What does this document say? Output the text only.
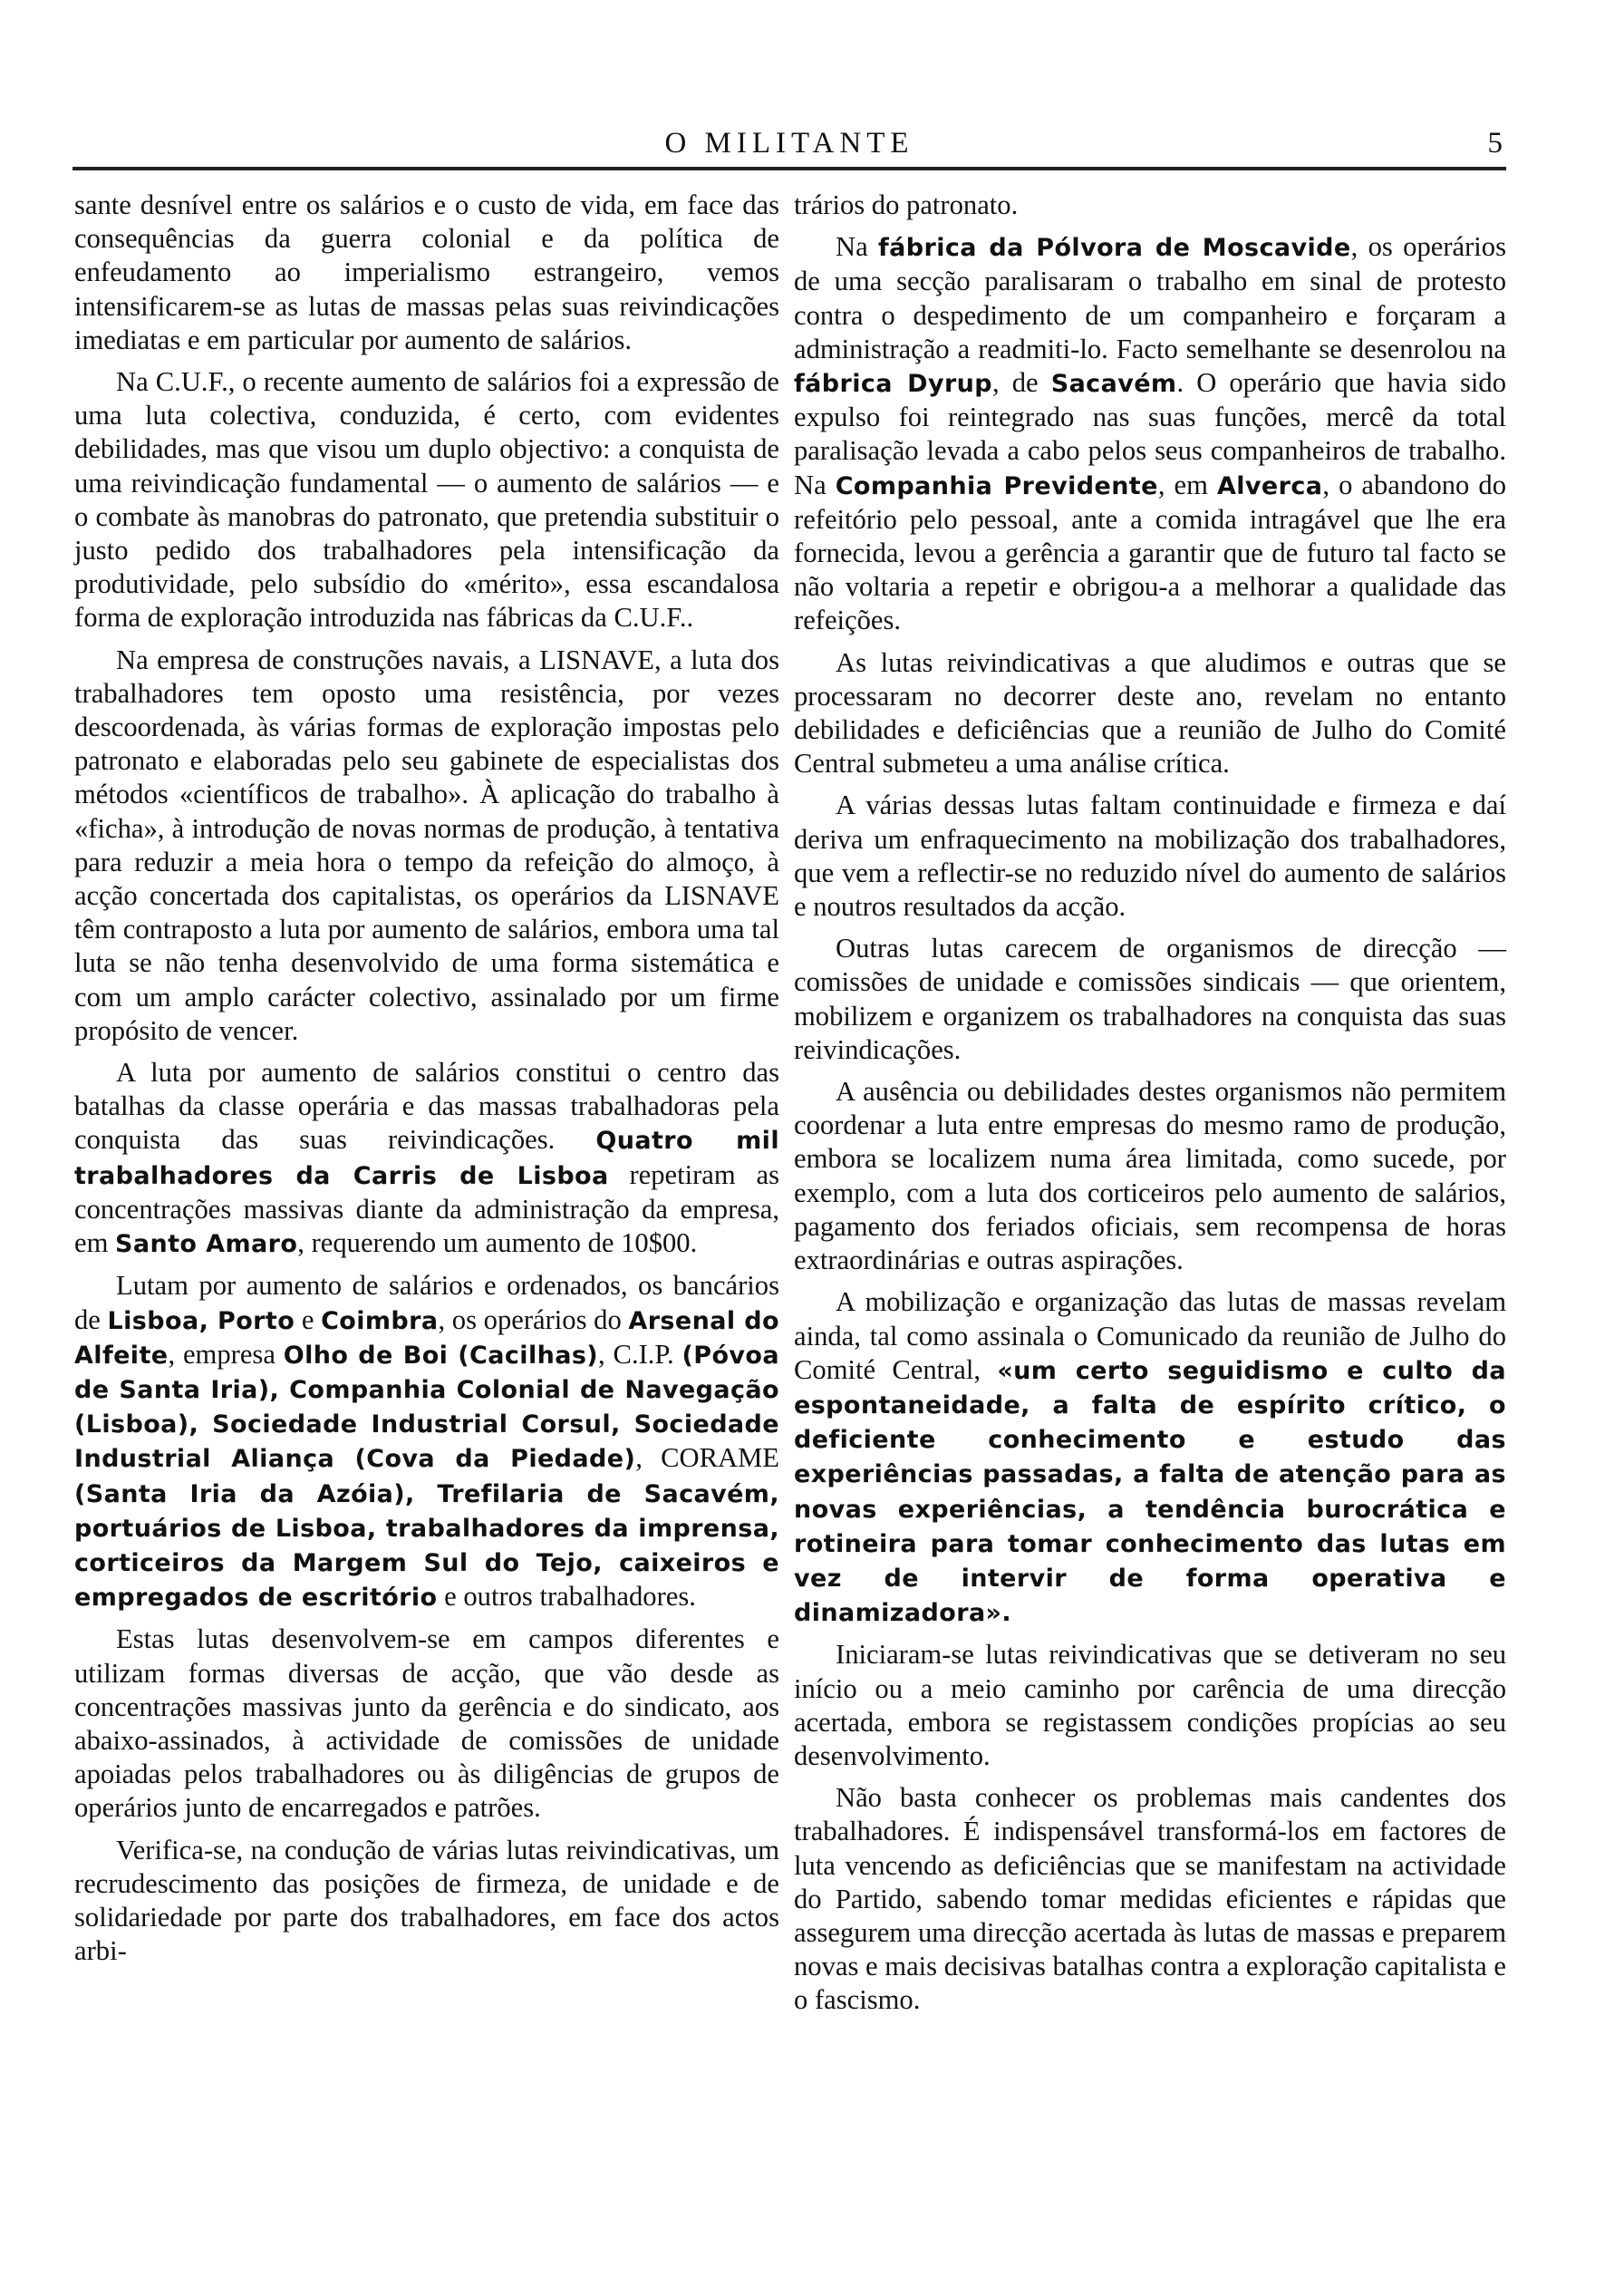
O MILITANTE	5

sante desnível entre os salários e o custo de vida, em face das consequências da guerra colonial e da política de enfeudamento ao imperialismo estrangeiro, vemos intensificarem-se as lutas de massas pelas suas reivindicações imediatas e em particular por aumento de salários.

Na C.U.F., o recente aumento de salários foi a expressão de uma luta colectiva, conduzida, é certo, com evidentes debilidades, mas que visou um duplo objectivo: a conquista de uma reivindicação fundamental — o aumento de salários — e o combate às manobras do patronato, que pretendia substituir o justo pedido dos trabalhadores pela intensificação da produtividade, pelo subsídio do «mérito», essa escandalosa forma de exploração introduzida nas fábricas da C.U.F..

Na empresa de construções navais, a LISNAVE, a luta dos trabalhadores tem oposto uma resistência, por vezes descoordenada, às várias formas de exploração impostas pelo patronato e elaboradas pelo seu gabinete de especialistas dos métodos «científicos de trabalho». À aplicação do trabalho à «ficha», à introdução de novas normas de produção, à tentativa para reduzir a meia hora o tempo da refeição do almoço, à acção concertada dos capitalistas, os operários da LISNAVE têm contraposto a luta por aumento de salários, embora uma tal luta se não tenha desenvolvido de uma forma sistemática e com um amplo carácter colectivo, assinalado por um firme propósito de vencer.

A luta por aumento de salários constitui o centro das batalhas da classe operária e das massas trabalhadoras pela conquista das suas reivindicações. Quatro mil trabalhadores da Carris de Lisboa repetiram as concentrações massivas diante da administração da empresa, em Santo Amaro, requerendo um aumento de 10$00.

Lutam por aumento de salários e ordenados, os bancários de Lisboa, Porto e Coimbra, os operários do Arsenal do Alfeite, empresa Olho de Boi (Cacilhas), C.I.P. (Póvoa de Santa Iria), Companhia Colonial de Navegação (Lisboa), Sociedade Industrial Corsul, Sociedade Industrial Aliança (Cova da Piedade), CORAME (Santa Iria da Azóia), Trefilaria de Sacavém, portuários de Lisboa, trabalhadores da imprensa, corticeiros da Margem Sul do Tejo, caixeiros e empregados de escritório e outros trabalhadores.

Estas lutas desenvolvem-se em campos diferentes e utilizam formas diversas de acção, que vão desde as concentrações massivas junto da gerência e do sindicato, aos abaixo-assinados, à actividade de comissões de unidade apoiadas pelos trabalhadores ou às diligências de grupos de operários junto de encarregados e patrões.

Verifica-se, na condução de várias lutas reivindicativas, um recrudescimento das posições de firmeza, de unidade e de solidariedade por parte dos trabalhadores, em face dos actos arbi-

trários do patronato.

Na fábrica da Pólvora de Moscavide, os operários de uma secção paralisaram o trabalho em sinal de protesto contra o despedimento de um companheiro e forçaram a administração a readmiti-lo. Facto semelhante se desenrolou na fábrica Dyrup, de Sacavém. O operário que havia sido expulso foi reintegrado nas suas funções, mercê da total paralisação levada a cabo pelos seus companheiros de trabalho. Na Companhia Previdente, em Alverca, o abandono do refeitório pelo pessoal, ante a comida intragável que lhe era fornecida, levou a gerência a garantir que de futuro tal facto se não voltaria a repetir e obrigou-a a melhorar a qualidade das refeições.

As lutas reivindicativas a que aludimos e outras que se processaram no decorrer deste ano, revelam no entanto debilidades e deficiências que a reunião de Julho do Comité Central submeteu a uma análise crítica.

A várias dessas lutas faltam continuidade e firmeza e daí deriva um enfraquecimento na mobilização dos trabalhadores, que vem a reflectir-se no reduzido nível do aumento de salários e noutros resultados da acção.

Outras lutas carecem de organismos de direcção — comissões de unidade e comissões sindicais — que orientem, mobilizem e organizem os trabalhadores na conquista das suas reivindicações.

A ausência ou debilidades destes organismos não permitem coordenar a luta entre empresas do mesmo ramo de produção, embora se localizem numa área limitada, como sucede, por exemplo, com a luta dos corticeiros pelo aumento de salários, pagamento dos feriados oficiais, sem recompensa de horas extraordinárias e outras aspirações.

A mobilização e organização das lutas de massas revelam ainda, tal como assinala o Comunicado da reunião de Julho do Comité Central, «um certo seguidismo e culto da espontaneidade, a falta de espírito crítico, o deficiente conhecimento e estudo das experiências passadas, a falta de atenção para as novas experiências, a tendência burocrática e rotineira para tomar conhecimento das lutas em vez de intervir de forma operativa e dinamizadora».

Iniciaram-se lutas reivindicativas que se detiveram no seu início ou a meio caminho por carência de uma direcção acertada, embora se registassem condições propícias ao seu desenvolvimento.

Não basta conhecer os problemas mais candentes dos trabalhadores. É indispensável transformá-los em factores de luta vencendo as deficiências que se manifestam na actividade do Partido, sabendo tomar medidas eficientes e rápidas que assegurem uma direcção acertada às lutas de massas e preparem novas e mais decisivas batalhas contra a exploração capitalista e o fascismo.
